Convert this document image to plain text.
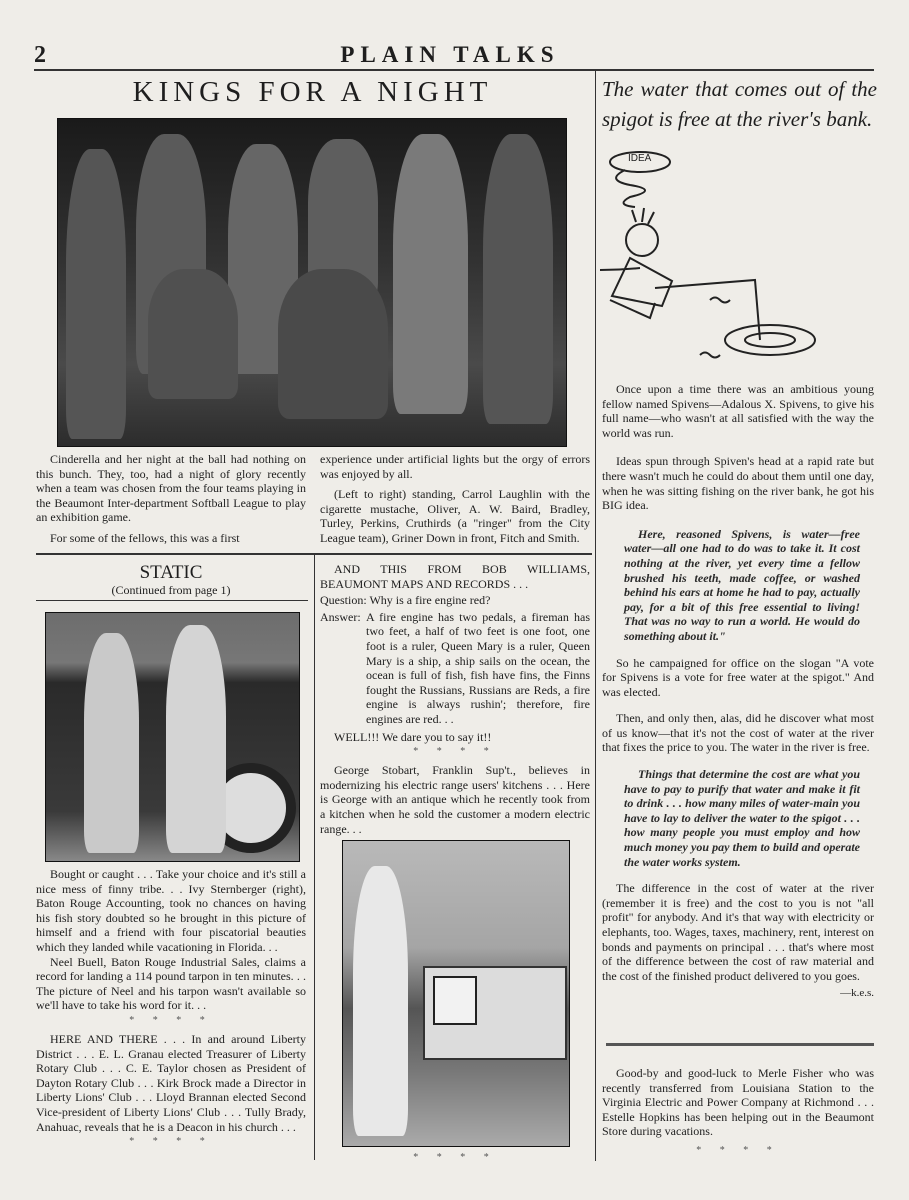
2	PLAIN TALKS
KINGS FOR A NIGHT

Cinderella and her night at the ball had nothing on this bunch. They, too, had a night of glory recently when a team was chosen from the four teams playing in the Beaumont Inter-department Softball League to play an exhibition game.

For some of the fellows, this was a first

experience under artificial lights but the orgy of errors was enjoyed by all.

(Left to right) standing, Carrol Laughlin with the cigarette mustache, Oliver, A. W. Baird, Bradley, Turley, Perkins, Cruthirds (a "ringer" from the City League team), Griner Down in front, Fitch and Smith.

STATIC
(Continued from page 1)

Bought or caught . . . Take your choice and it's still a nice mess of finny tribe. . . Ivy Sternberger (right), Baton Rouge Accounting, took no chances on having his fish story doubted so he brought in this picture of himself and a friend with four piscatorial beauties which they landed while vacationing in Florida. . .

Neel Buell, Baton Rouge Industrial Sales, claims a record for landing a 114 pound tarpon in ten minutes. . . The picture of Neel and his tarpon wasn't available so we'll have to take his word for it. . .

* * * *

HERE AND THERE . . . In and around Liberty District . . . E. L. Granau elected Treasurer of Liberty Rotary Club . . . C. E. Taylor chosen as President of Dayton Rotary Club . . . Kirk Brock made a Director in Liberty Lions' Club . . . Lloyd Brannan elected Second Vice-president of Liberty Lions' Club . . . Tully Brady, Anahuac, reveals that he is a Deacon in his church . . .

* * * *

AND THIS FROM BOB WILLIAMS, BEAUMONT MAPS AND RECORDS . . .

Question: Why is a fire engine red?

Answer: A fire engine has two pedals, a fireman has two feet, a half of two feet is one foot, one foot is a ruler, Queen Mary is a ruler, Queen Mary is a ship, a ship sails on the ocean, the ocean is full of fish, fish have fins, the Finns fought the Russians, Russians are Reds, a fire engine is always rushin'; therefore, fire engines are red. . .

WELL!!! We dare you to say it!!

* * * *

George Stobart, Franklin Sup't., believes in modernizing his electric range users' kitchens . . . Here is George with an antique which he recently took from a kitchen when he sold the customer a modern electric range. . .

* * * *
The water that comes out of the spigot is free at the river's bank.
IDEA

Once upon a time there was an ambitious young fellow named Spivens—Adalous X. Spivens, to give his full name—who wasn't at all satisfied with the way the world was run.

Ideas spun through Spiven's head at a rapid rate but there wasn't much he could do about them until one day, when he was sitting fishing on the river bank, he got his BIG idea.

Here, reasoned Spivens, is water—free water—all one had to do was to take it. It cost nothing at the river, yet every time a fellow brushed his teeth, made coffee, or washed behind his ears at home he had to pay, actually pay, for a bit of this free essential to living! That was no way to run a world. He would do something about it."

So he campaigned for office on the slogan "A vote for Spivens is a vote for free water at the spigot." And was elected.

Then, and only then, alas, did he discover what most of us know—that it's not the cost of water at the river that fixes the price to you. The water in the river is free.

Things that determine the cost are what you have to pay to purify that water and make it fit to drink . . . how many miles of water-main you have to lay to deliver the water to the spigot . . . how many people you must employ and how much money you pay them to build and operate the water works system.

The difference in the cost of water at the river (remember it is free) and the cost to you is not "all profit" for anybody. And it's that way with electricity or elephants, too. Wages, taxes, machinery, rent, interest on bonds and payments on principal . . . that's where most of the difference between the cost of raw material and the cost of the finished product delivered to you goes.

—k.e.s.

Good-by and good-luck to Merle Fisher who was recently transferred from Louisiana Station to the Virginia Electric and Power Company at Richmond . . . Estelle Hopkins has been helping out in the Beaumont Store during vacations.

* * * *
